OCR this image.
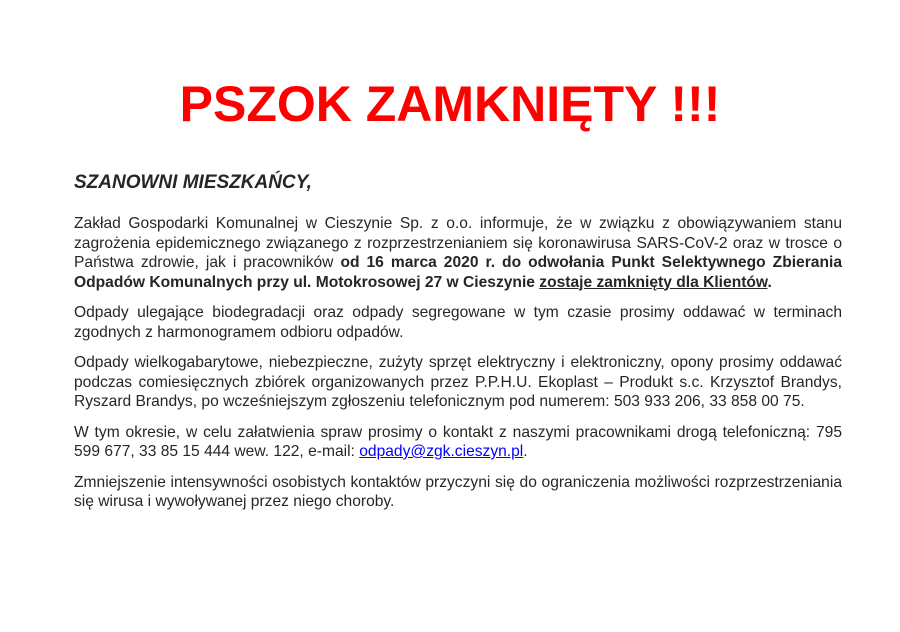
PSZOK ZAMKNIĘTY !!!
SZANOWNI MIESZKAŃCY,

Zakład Gospodarki Komunalnej w Cieszynie Sp. z o.o. informuje, że w związku z obowiązywaniem stanu zagrożenia epidemicznego związanego z rozprzestrzenianiem się koronawirusa SARS-CoV-2 oraz w trosce o Państwa zdrowie, jak i pracowników od 16 marca 2020 r. do odwołania Punkt Selektywnego Zbierania Odpadów Komunalnych przy ul. Motokrosowej 27 w Cieszynie zostaje zamknięty dla Klientów.

Odpady ulegające biodegradacji oraz odpady segregowane w tym czasie prosimy oddawać w terminach zgodnych z harmonogramem odbioru odpadów.

Odpady wielkogabarytowe, niebezpieczne, zużyty sprzęt elektryczny i elektroniczny, opony prosimy oddawać podczas comiesięcznych zbiórek organizowanych przez P.P.H.U. Ekoplast – Produkt s.c. Krzysztof Brandys, Ryszard Brandys, po wcześniejszym zgłoszeniu telefonicznym pod numerem: 503 933 206, 33 858 00 75.

W tym okresie, w celu załatwienia spraw prosimy o kontakt z naszymi pracownikami drogą telefoniczną: 795 599 677, 33 85 15 444 wew. 122, e-mail: odpady@zgk.cieszyn.pl.

Zmniejszenie intensywności osobistych kontaktów przyczyni się do ograniczenia możliwości rozprzestrzeniania się wirusa i wywoływanej przez niego choroby.
